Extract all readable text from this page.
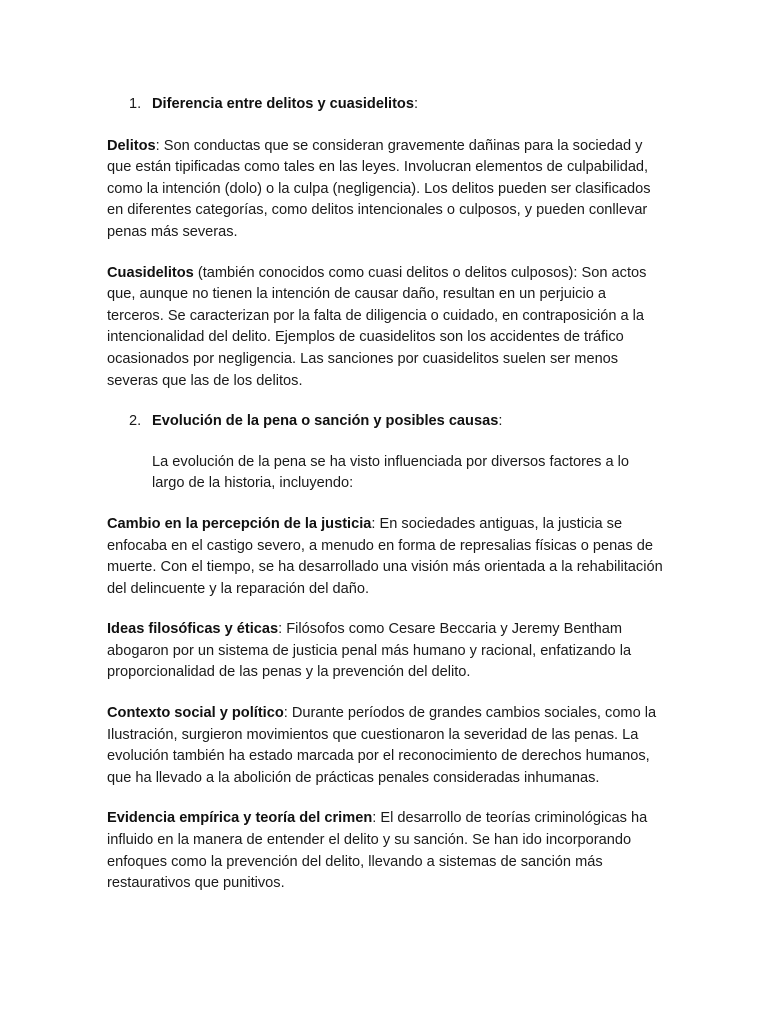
1. Diferencia entre delitos y cuasidelitos:

Delitos: Son conductas que se consideran gravemente dañinas para la sociedad y que están tipificadas como tales en las leyes. Involucran elementos de culpabilidad, como la intención (dolo) o la culpa (negligencia). Los delitos pueden ser clasificados en diferentes categorías, como delitos intencionales o culposos, y pueden conllevar penas más severas.

Cuasidelitos (también conocidos como cuasi delitos o delitos culposos): Son actos que, aunque no tienen la intención de causar daño, resultan en un perjuicio a terceros. Se caracterizan por la falta de diligencia o cuidado, en contraposición a la intencionalidad del delito. Ejemplos de cuasidelitos son los accidentes de tráfico ocasionados por negligencia. Las sanciones por cuasidelitos suelen ser menos severas que las de los delitos.

2. Evolución de la pena o sanción y posibles causas:

La evolución de la pena se ha visto influenciada por diversos factores a lo largo de la historia, incluyendo:

Cambio en la percepción de la justicia: En sociedades antiguas, la justicia se enfocaba en el castigo severo, a menudo en forma de represalias físicas o penas de muerte. Con el tiempo, se ha desarrollado una visión más orientada a la rehabilitación del delincuente y la reparación del daño.

Ideas filosóficas y éticas: Filósofos como Cesare Beccaria y Jeremy Bentham abogaron por un sistema de justicia penal más humano y racional, enfatizando la proporcionalidad de las penas y la prevención del delito.

Contexto social y político: Durante períodos de grandes cambios sociales, como la Ilustración, surgieron movimientos que cuestionaron la severidad de las penas. La evolución también ha estado marcada por el reconocimiento de derechos humanos, que ha llevado a la abolición de prácticas penales consideradas inhumanas.

Evidencia empírica y teoría del crimen: El desarrollo de teorías criminológicas ha influido en la manera de entender el delito y su sanción. Se han ido incorporando enfoques como la prevención del delito, llevando a sistemas de sanción más restaurativos que punitivos.
